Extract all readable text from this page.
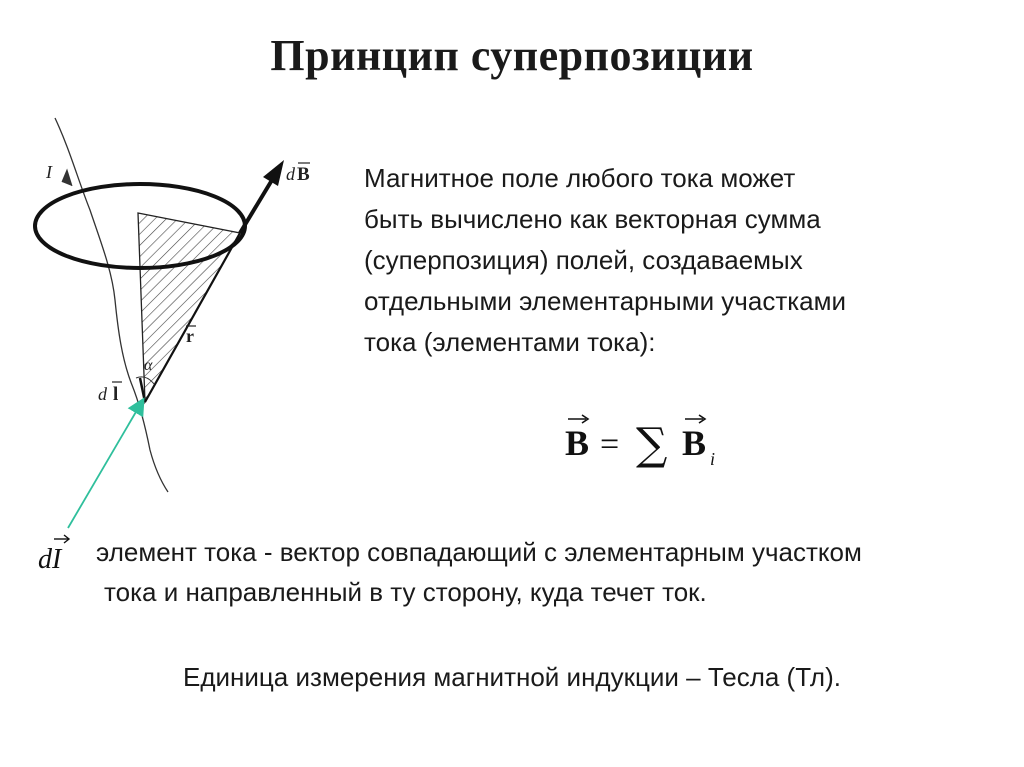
Принцип суперпозиции
I	d B
r
α
d l
Магнитное поле любого тока может
быть вычислено как векторная сумма
(суперпозиция) полей, создаваемых
отдельными элементарными участками
тока (элементами тока):
B = ∑ B i
dI элемент тока - вектор совпадающий с элементарным участком
тока и направленный в ту сторону, куда течет ток.
Единица измерения магнитной индукции – Тесла (Тл).
